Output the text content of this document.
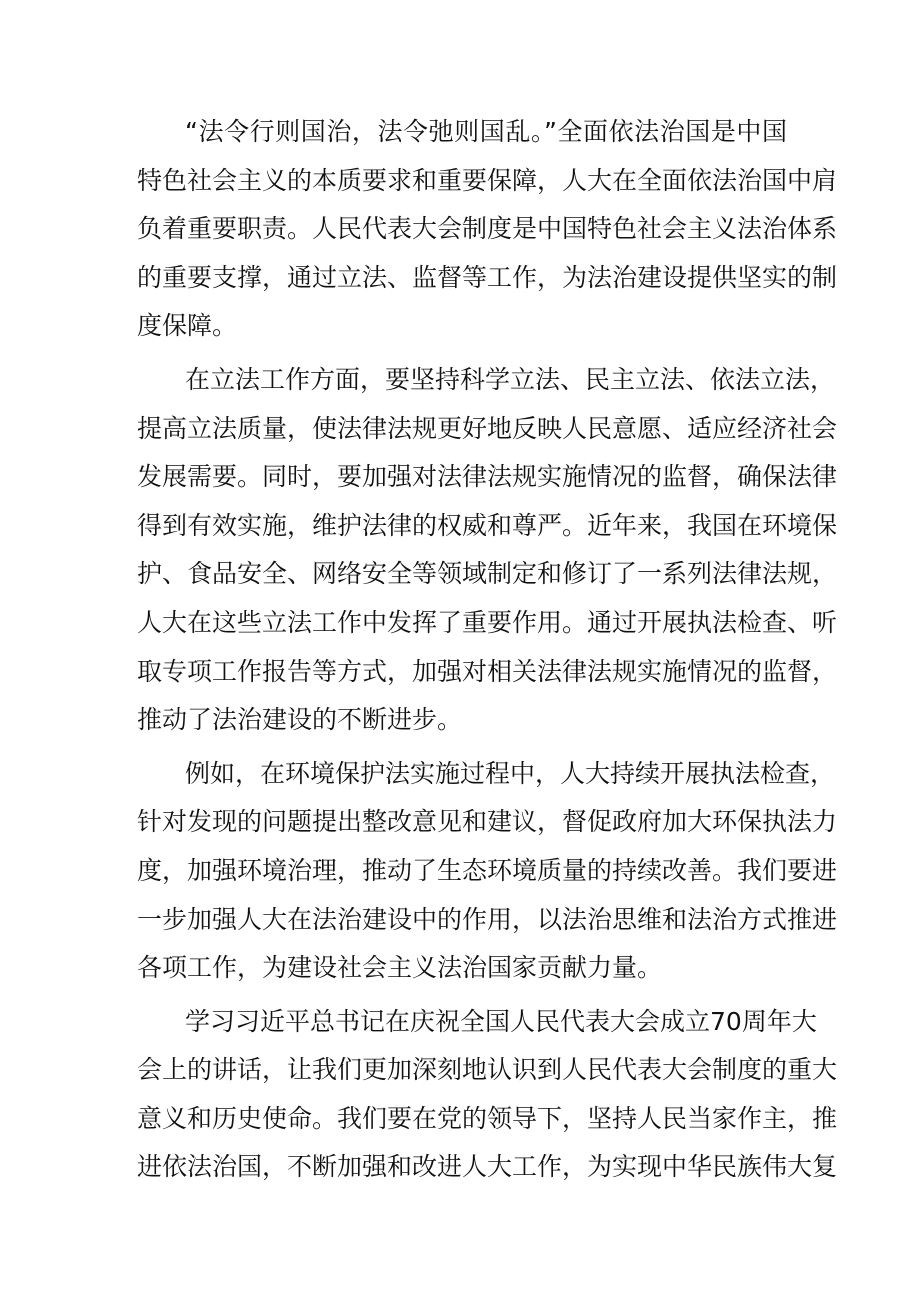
“法令行则国治，法令弛则国乱。”全面依法治国是中国
特色社会主义的本质要求和重要保障，人大在全面依法治国中肩
负着重要职责。人民代表大会制度是中国特色社会主义法治体系
的重要支撑，通过立法、监督等工作，为法治建设提供坚实的制
度保障。
在立法工作方面，要坚持科学立法、民主立法、依法立法，
提高立法质量，使法律法规更好地反映人民意愿、适应经济社会
发展需要。同时，要加强对法律法规实施情况的监督，确保法律
得到有效实施，维护法律的权威和尊严。近年来，我国在环境保
护、食品安全、网络安全等领域制定和修订了一系列法律法规，
人大在这些立法工作中发挥了重要作用。通过开展执法检查、听
取专项工作报告等方式，加强对相关法律法规实施情况的监督，
推动了法治建设的不断进步。
例如，在环境保护法实施过程中，人大持续开展执法检查，
针对发现的问题提出整改意见和建议，督促政府加大环保执法力
度，加强环境治理，推动了生态环境质量的持续改善。我们要进
一步加强人大在法治建设中的作用，以法治思维和法治方式推进
各项工作，为建设社会主义法治国家贡献力量。
学习习近平总书记在庆祝全国人民代表大会成立70周年大
会上的讲话，让我们更加深刻地认识到人民代表大会制度的重大
意义和历史使命。我们要在党的领导下，坚持人民当家作主，推
进依法治国，不断加强和改进人大工作，为实现中华民族伟大复
